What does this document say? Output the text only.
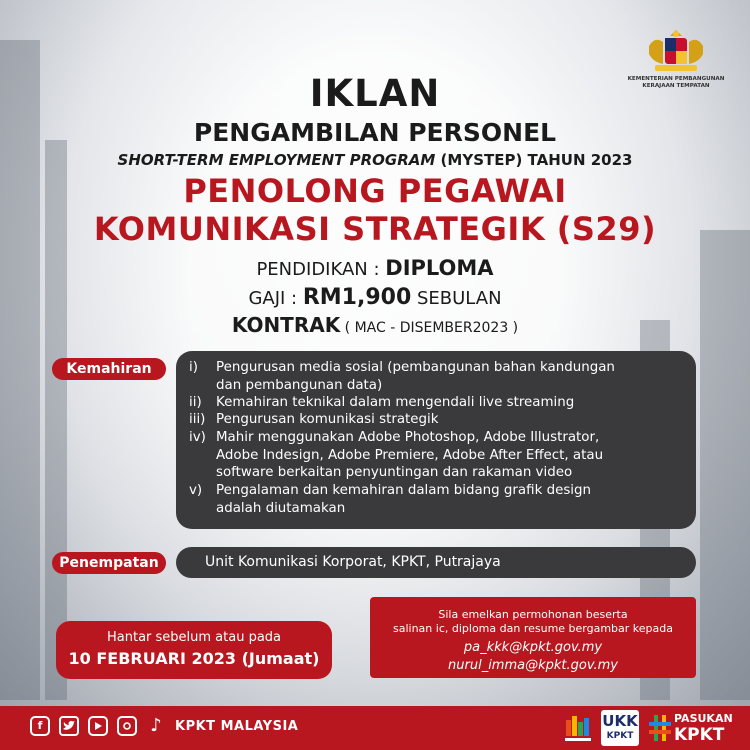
KEMENTERIAN PEMBANGUNAN
KERAJAAN TEMPATAN
IKLAN
PENGAMBILAN PERSONEL
SHORT-TERM EMPLOYMENT PROGRAM (MYSTEP) TAHUN 2023
PENOLONG PEGAWAI
KOMUNIKASI STRATEGIK (S29)
PENDIDIKAN : DIPLOMA
GAJI : RM1,900 SEBULAN
KONTRAK ( MAC - DISEMBER2023 )
Kemahiran	i) Pengurusan media sosial (pembangunan bahan kandungan
dan pembangunan data)
ii) Kemahiran teknikal dalam mengendali live streaming
iii) Pengurusan komunikasi strategik
iv) Mahir menggunakan Adobe Photoshop, Adobe Illustrator,
Adobe Indesign, Adobe Premiere, Adobe After Effect, atau
software berkaitan penyuntingan dan rakaman video
v) Pengalaman dan kemahiran dalam bidang grafik design
adalah diutamakan
Penempatan	Unit Komunikasi Korporat, KPKT, Putrajaya
Sila emelkan permohonan beserta
salinan ic, diploma dan resume bergambar kepada
pa_kkk@kpkt.gov.my
nurul_imma@kpkt.gov.my
Hantar sebelum atau pada
10 FEBRUARI 2023 (Jumaat)
f	♪	KPKT MALAYSIA	UKK
KPKT
PASUKAN
KPKT
